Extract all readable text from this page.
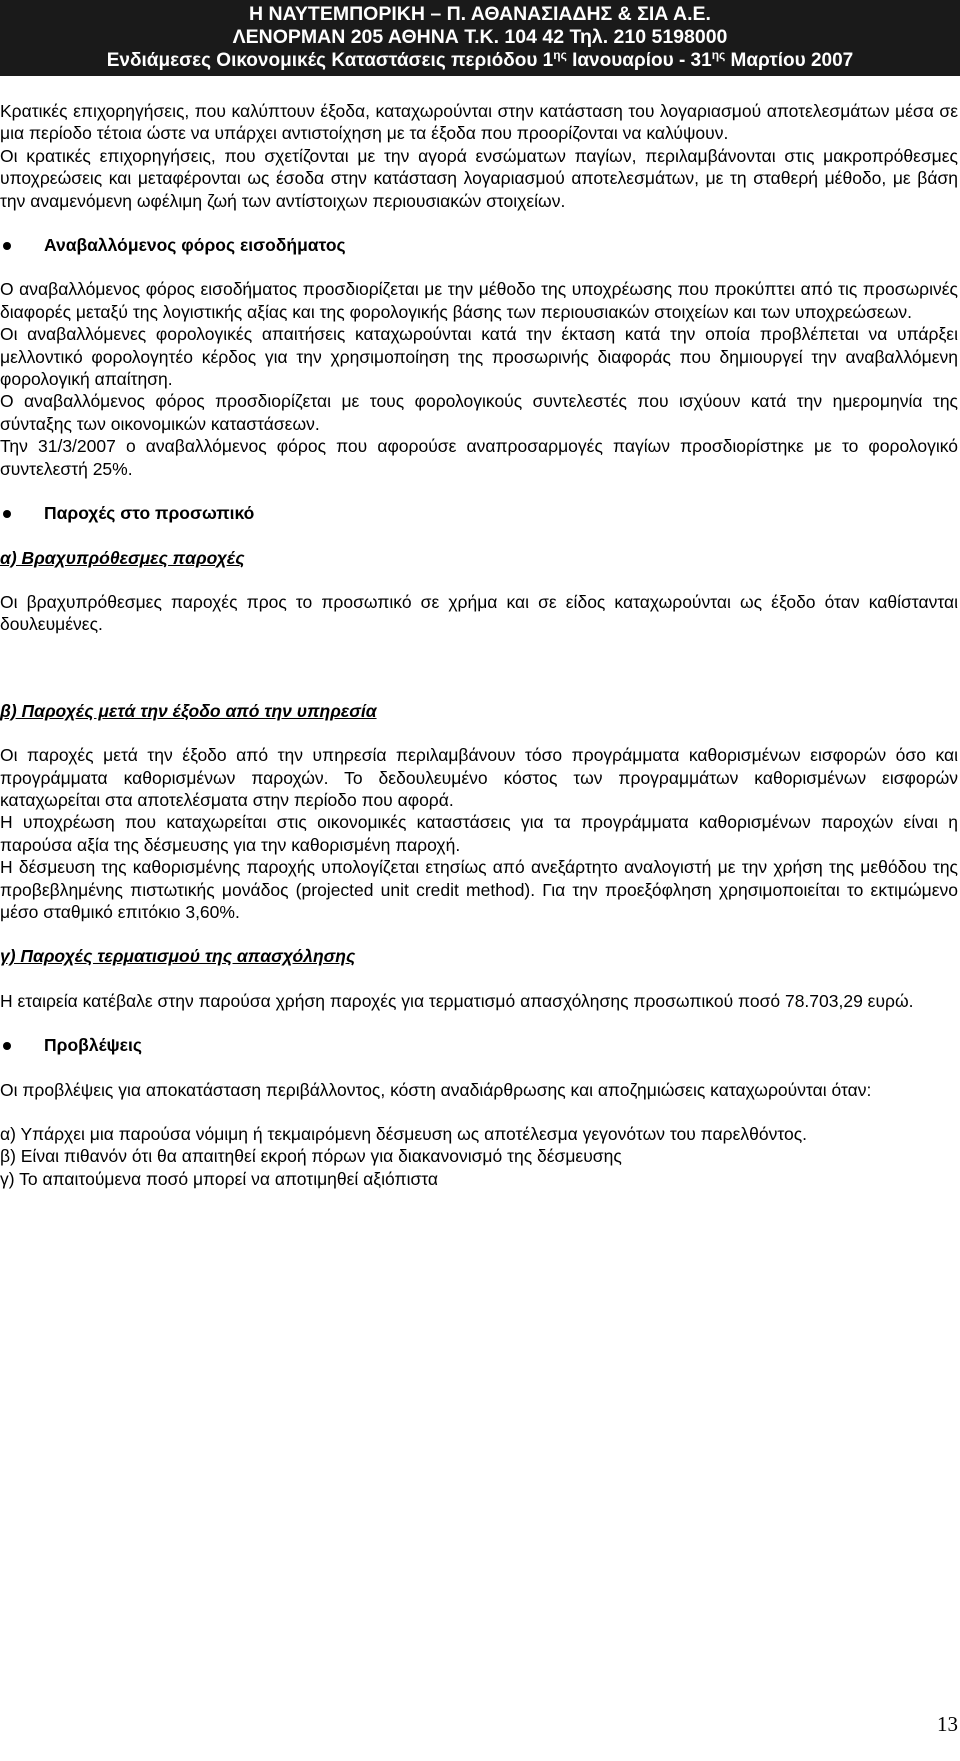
Η ΝΑΥΤΕΜΠΟΡΙΚΗ – Π. ΑΘΑΝΑΣΙΑΔΗΣ & ΣΙΑ Α.Ε.
ΛΕΝΟΡΜΑΝ 205 ΑΘΗΝΑ Τ.Κ. 104 42 Τηλ. 210 5198000
Ενδιάμεσες Οικονομικές Καταστάσεις περιόδου $1^{\eta\varsigma}$ Ιανουαρίου - $31^{\eta\varsigma}$ Μαρτίου 2007

Κρατικές επιχορηγήσεις, που καλύπτουν έξοδα, καταχωρούνται στην κατάσταση του λογαριασμού αποτελεσμάτων μέσα σε μια περίοδο τέτοια ώστε να υπάρχει αντιστοίχηση με τα έξοδα που προορίζονται να καλύψουν.

Οι κρατικές επιχορηγήσεις, που σχετίζονται με την αγορά ενσώματων παγίων, περιλαμβάνονται στις μακροπρόθεσμες υποχρεώσεις και μεταφέρονται ως έσοδα στην κατάσταση λογαριασμού αποτελεσμάτων, με τη σταθερή μέθοδο, με βάση την αναμενόμενη ωφέλιμη ζωή των αντίστοιχων περιουσιακών στοιχείων.

Αναβαλλόμενος φόρος εισοδήματος

Ο αναβαλλόμενος φόρος εισοδήματος προσδιορίζεται με την μέθοδο της υποχρέωσης που προκύπτει από τις προσωρινές διαφορές μεταξύ της λογιστικής αξίας και της φορολογικής βάσης των περιουσιακών στοιχείων και των υποχρεώσεων.

Οι αναβαλλόμενες φορολογικές απαιτήσεις καταχωρούνται κατά την έκταση κατά την οποία προβλέπεται να υπάρξει μελλοντικό φορολογητέο κέρδος για την χρησιμοποίηση της προσωρινής διαφοράς που δημιουργεί την αναβαλλόμενη φορολογική απαίτηση.

Ο αναβαλλόμενος φόρος προσδιορίζεται με τους φορολογικούς συντελεστές που ισχύουν κατά την ημερομηνία της σύνταξης των οικονομικών καταστάσεων.

Την 31/3/2007 ο αναβαλλόμενος φόρος που αφορούσε αναπροσαρμογές παγίων προσδιορίστηκε με το φορολογικό συντελεστή 25%.

Παροχές στο προσωπικό

α) Βραχυπρόθεσμες παροχές

Οι βραχυπρόθεσμες παροχές προς το προσωπικό σε χρήμα και σε είδος καταχωρούνται ως έξοδο όταν καθίστανται δουλευμένες.

β) Παροχές μετά την έξοδο από την υπηρεσία

Οι παροχές μετά την έξοδο από την υπηρεσία περιλαμβάνουν τόσο προγράμματα καθορισμένων εισφορών όσο και προγράμματα καθορισμένων παροχών. Το δεδουλευμένο κόστος των προγραμμάτων καθορισμένων εισφορών καταχωρείται στα αποτελέσματα στην περίοδο που αφορά.

Η υποχρέωση που καταχωρείται στις οικονομικές καταστάσεις για τα προγράμματα καθορισμένων παροχών είναι η παρούσα αξία της δέσμευσης για την καθορισμένη παροχή.

Η δέσμευση της καθορισμένης παροχής υπολογίζεται ετησίως από ανεξάρτητο αναλογιστή με την χρήση της μεθόδου της προβεβλημένης πιστωτικής μονάδος (projected unit credit method). Για την προεξόφληση χρησιμοποιείται το εκτιμώμενο μέσο σταθμικό επιτόκιο 3,60%.

γ) Παροχές τερματισμού της απασχόλησης

Η εταιρεία κατέβαλε στην παρούσα χρήση παροχές για τερματισμό απασχόλησης προσωπικού ποσό 78.703,29 ευρώ.

Προβλέψεις

Οι προβλέψεις για αποκατάσταση περιβάλλοντος, κόστη αναδιάρθρωσης και αποζημιώσεις καταχωρούνται όταν:

α) Υπάρχει μια παρούσα νόμιμη ή τεκμαιρόμενη δέσμευση ως αποτέλεσμα γεγονότων του παρελθόντος.

β) Είναι πιθανόν ότι θα απαιτηθεί εκροή πόρων για διακανονισμό της δέσμευσης

γ) Το απαιτούμενα ποσό μπορεί να αποτιμηθεί αξιόπιστα

13
